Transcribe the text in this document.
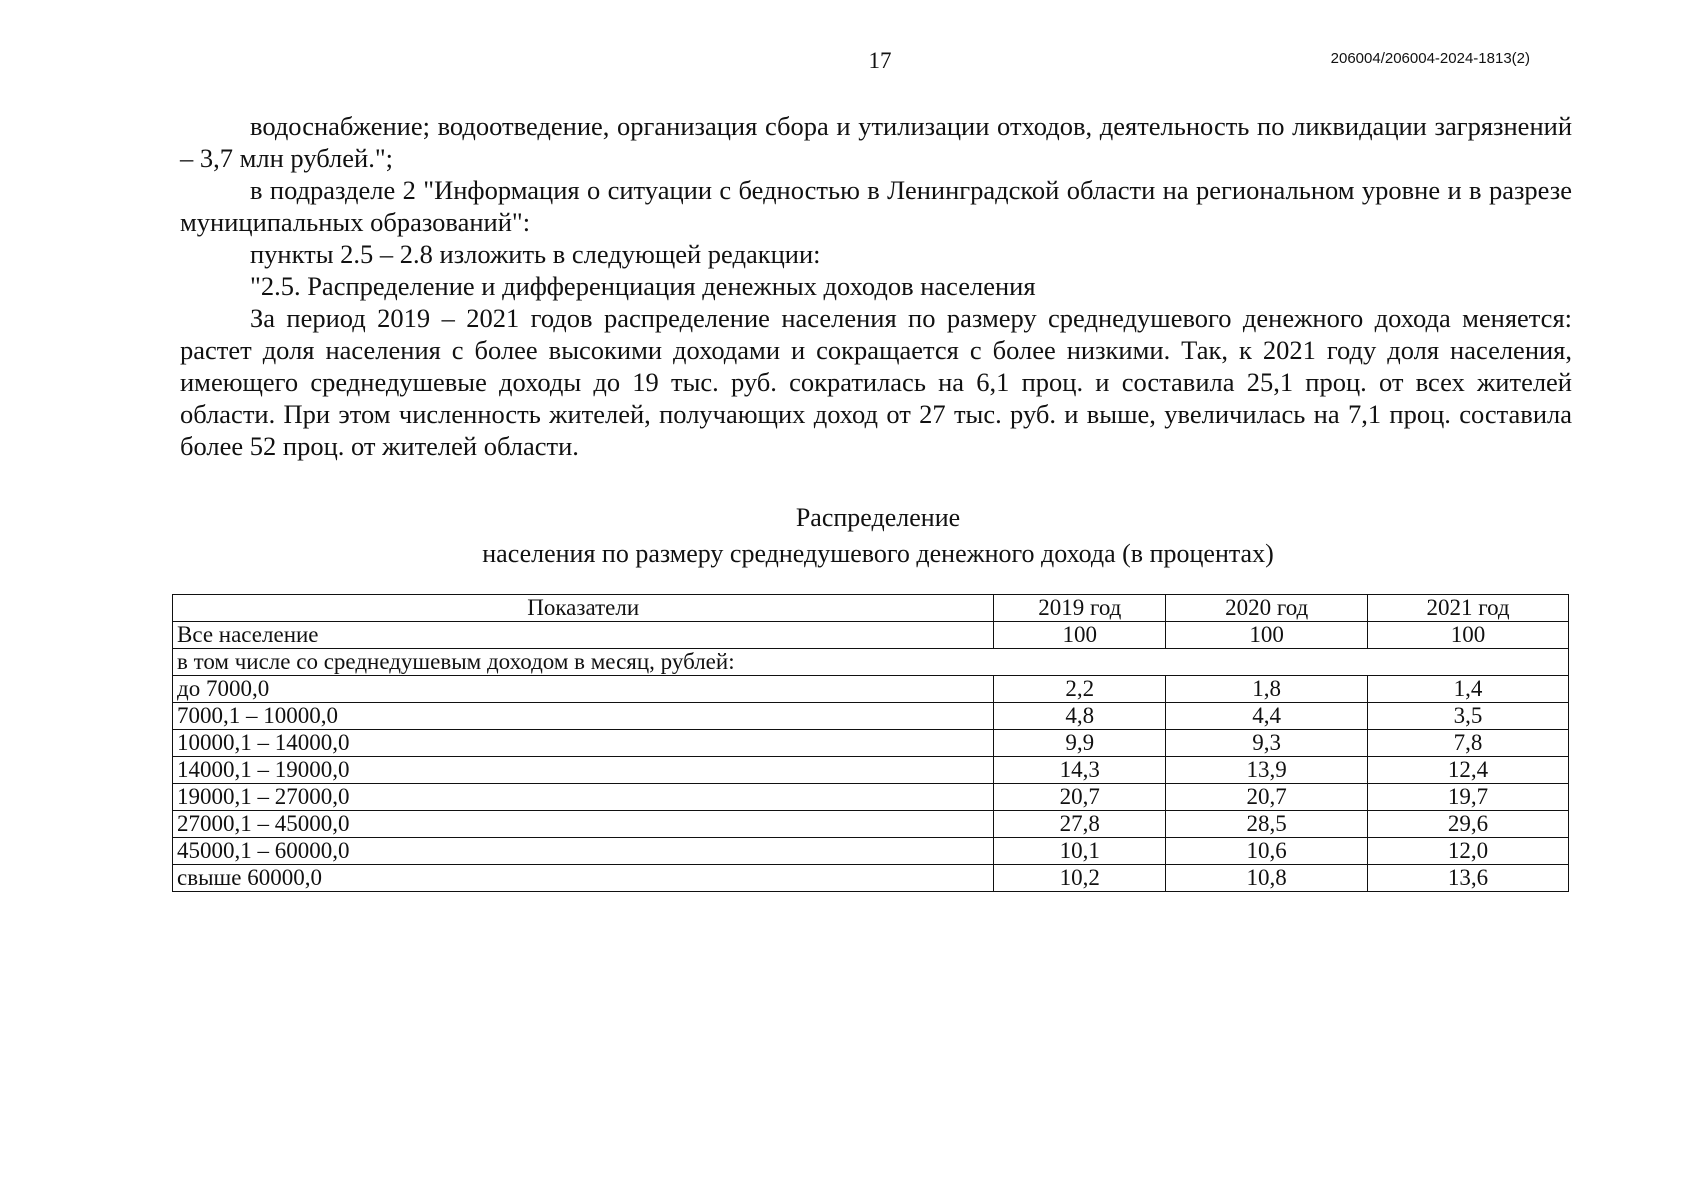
17	206004/206004-2024-1813(2)

водоснабжение; водоотведение, организация сбора и утилизации отходов, деятельность по ликвидации загрязнений – 3,7 млн рублей.";

в подразделе 2 "Информация о ситуации с бедностью в Ленинградской области на региональном уровне и в разрезе муниципальных образований":

пункты 2.5 – 2.8 изложить в следующей редакции:

"2.5. Распределение и дифференциация денежных доходов населения

За период 2019 – 2021 годов распределение населения по размеру среднедушевого денежного дохода меняется: растет доля населения с более высокими доходами и сокращается с более низкими. Так, к 2021 году доля населения, имеющего среднедушевые доходы до 19 тыс. руб. сократилась на 6,1 проц. и составила 25,1 проц. от всех жителей области. При этом численность жителей, получающих доход от 27 тыс. руб. и выше, увеличилась на 7,1 проц. составила более 52 проц. от жителей области.

Распределение
населения по размеру среднедушевого денежного дохода (в процентах)
Показатели	2019 год	2020 год	2021 год
Все население	100	100	100
в том числе со среднедушевым доходом в месяц, рублей:			
до 7000,0	2,2	1,8	1,4
7000,1 – 10000,0	4,8	4,4	3,5
10000,1 – 14000,0	9,9	9,3	7,8
14000,1 – 19000,0	14,3	13,9	12,4
19000,1 – 27000,0	20,7	20,7	19,7
27000,1 – 45000,0	27,8	28,5	29,6
45000,1 – 60000,0	10,1	10,6	12,0
свыше 60000,0	10,2	10,8	13,6
